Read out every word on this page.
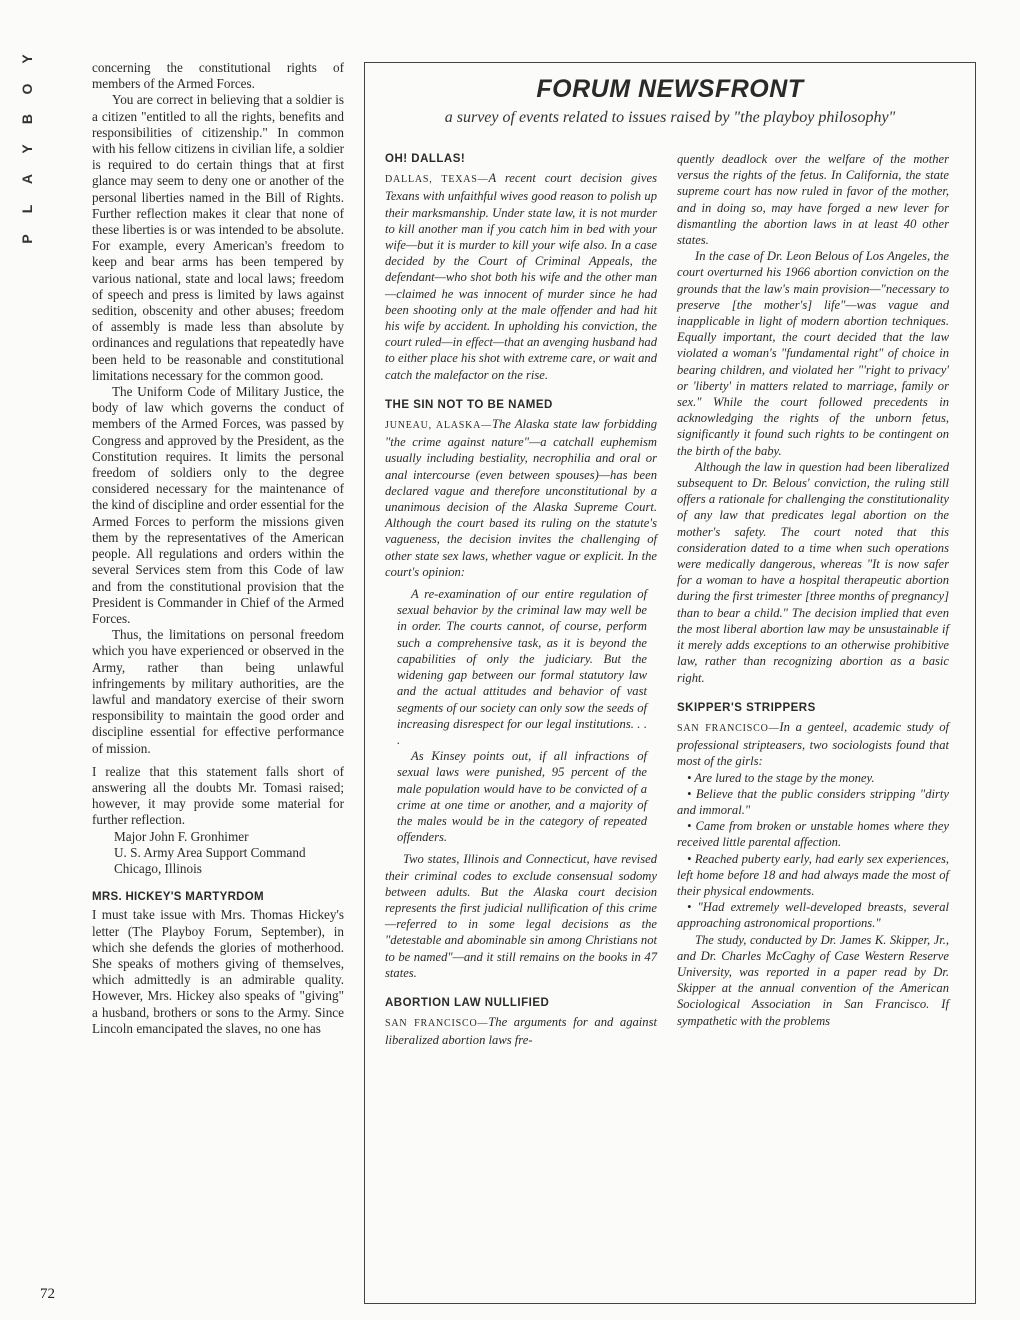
Y
O
B
Y
A
L
P
72

concerning the constitutional rights of members of the Armed Forces.

You are correct in believing that a soldier is a citizen "entitled to all the rights, benefits and responsibilities of citizenship." In common with his fellow citizens in civilian life, a soldier is required to do certain things that at first glance may seem to deny one or another of the personal liberties named in the Bill of Rights. Further reflection makes it clear that none of these liberties is or was intended to be absolute. For example, every American's freedom to keep and bear arms has been tempered by various national, state and local laws; freedom of speech and press is limited by laws against sedition, obscenity and other abuses; freedom of assembly is made less than absolute by ordinances and regulations that repeatedly have been held to be reasonable and constitutional limitations necessary for the common good.

The Uniform Code of Military Justice, the body of law which governs the conduct of members of the Armed Forces, was passed by Congress and approved by the President, as the Constitution requires. It limits the personal freedom of soldiers only to the degree considered necessary for the maintenance of the kind of discipline and order essential for the Armed Forces to perform the missions given them by the representatives of the American people. All regulations and orders within the several Services stem from this Code of law and from the constitutional provision that the President is Commander in Chief of the Armed Forces.

Thus, the limitations on personal freedom which you have experienced or observed in the Army, rather than being unlawful infringements by military authorities, are the lawful and mandatory exercise of their sworn responsibility to maintain the good order and discipline essential for effective performance of mission.

I realize that this statement falls short of answering all the doubts Mr. Tomasi raised; however, it may provide some material for further reflection.

Major John F. Gronhimer

U. S. Army Area Support Command

Chicago, Illinois

MRS. HICKEY'S MARTYRDOM

I must take issue with Mrs. Thomas Hickey's letter (The Playboy Forum, September), in which she defends the glories of motherhood. She speaks of mothers giving of themselves, which admittedly is an admirable quality. However, Mrs. Hickey also speaks of "giving" a husband, brothers or sons to the Army. Since Lincoln emancipated the slaves, no one has

FORUM NEWSFRONT

a survey of events related to issues raised by "the playboy philosophy"

OH! DALLAS!

DALLAS, TEXAS—A recent court decision gives Texans with unfaithful wives good reason to polish up their marksmanship. Under state law, it is not murder to kill another man if you catch him in bed with your wife—but it is murder to kill your wife also. In a case decided by the Court of Criminal Appeals, the defendant—who shot both his wife and the other man—claimed he was innocent of murder since he had been shooting only at the male offender and had hit his wife by accident. In upholding his conviction, the court ruled—in effect—that an avenging husband had to either place his shot with extreme care, or wait and catch the malefactor on the rise.

THE SIN NOT TO BE NAMED

JUNEAU, ALASKA—The Alaska state law forbidding "the crime against nature"—a catchall euphemism usually including bestiality, necrophilia and oral or anal intercourse (even between spouses)—has been declared vague and therefore unconstitutional by a unanimous decision of the Alaska Supreme Court. Although the court based its ruling on the statute's vagueness, the decision invites the challenging of other state sex laws, whether vague or explicit. In the court's opinion:

A re-examination of our entire regulation of sexual behavior by the criminal law may well be in order. The courts cannot, of course, perform such a comprehensive task, as it is beyond the capabilities of only the judiciary. But the widening gap between our formal statutory law and the actual attitudes and behavior of vast segments of our society can only sow the seeds of increasing disrespect for our legal institutions. . . .

As Kinsey points out, if all infractions of sexual laws were punished, 95 percent of the male population would have to be convicted of a crime at one time or another, and a majority of the males would be in the category of repeated offenders.

Two states, Illinois and Connecticut, have revised their criminal codes to exclude consensual sodomy between adults. But the Alaska court decision represents the first judicial nullification of this crime—referred to in some legal decisions as the "detestable and abominable sin among Christians not to be named"—and it still remains on the books in 47 states.

ABORTION LAW NULLIFIED

SAN FRANCISCO—The arguments for and against liberalized abortion laws fre-

quently deadlock over the welfare of the mother versus the rights of the fetus. In California, the state supreme court has now ruled in favor of the mother, and in doing so, may have forged a new lever for dismantling the abortion laws in at least 40 other states.

In the case of Dr. Leon Belous of Los Angeles, the court overturned his 1966 abortion conviction on the grounds that the law's main provision—"necessary to preserve [the mother's] life"—was vague and inapplicable in light of modern abortion techniques. Equally important, the court decided that the law violated a woman's "fundamental right" of choice in bearing children, and violated her "'right to privacy' or 'liberty' in matters related to marriage, family or sex." While the court followed precedents in acknowledging the rights of the unborn fetus, significantly it found such rights to be contingent on the birth of the baby.

Although the law in question had been liberalized subsequent to Dr. Belous' conviction, the ruling still offers a rationale for challenging the constitutionality of any law that predicates legal abortion on the mother's safety. The court noted that this consideration dated to a time when such operations were medically dangerous, whereas "It is now safer for a woman to have a hospital therapeutic abortion during the first trimester [three months of pregnancy] than to bear a child." The decision implied that even the most liberal abortion law may be unsustainable if it merely adds exceptions to an otherwise prohibitive law, rather than recognizing abortion as a basic right.

SKIPPER'S STRIPPERS

SAN FRANCISCO—In a genteel, academic study of professional stripteasers, two sociologists found that most of the girls:

• Are lured to the stage by the money.

• Believe that the public considers stripping "dirty and immoral."

• Came from broken or unstable homes where they received little parental affection.

• Reached puberty early, had early sex experiences, left home before 18 and had always made the most of their physical endowments.

• "Had extremely well-developed breasts, several approaching astronomical proportions."

The study, conducted by Dr. James K. Skipper, Jr., and Dr. Charles McCaghy of Case Western Reserve University, was reported in a paper read by Dr. Skipper at the annual convention of the American Sociological Association in San Francisco. If sympathetic with the problems
